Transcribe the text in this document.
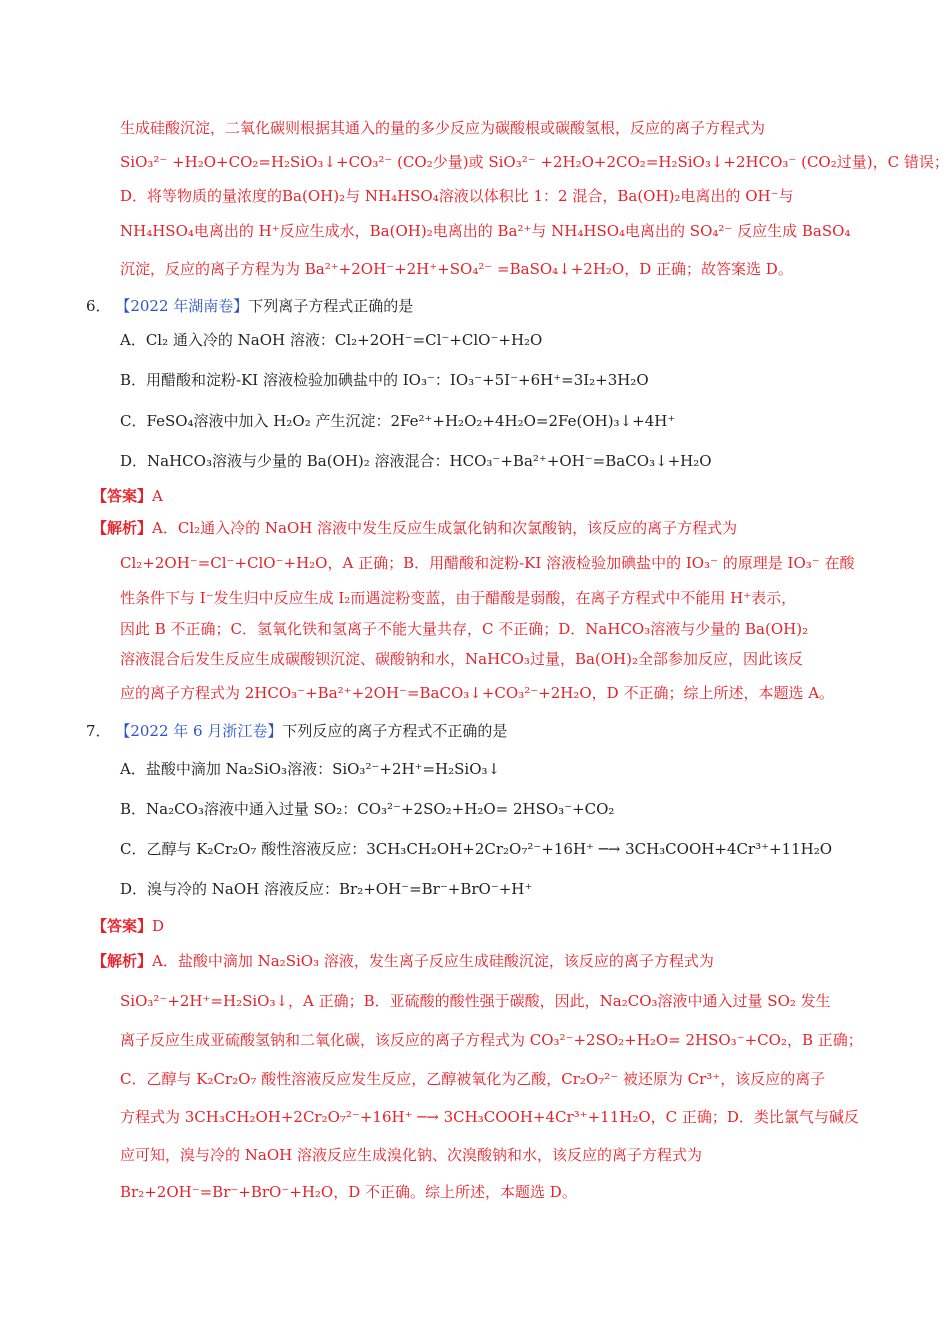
生成硅酸沉淀，二氧化碳则根据其通入的量的多少反应为碳酸根或碳酸氢根，反应的离子方程式为
SiO₃²⁻ +H₂O+CO₂=H₂SiO₃↓+CO₃²⁻ (CO₂少量)或 SiO₃²⁻ +2H₂O+2CO₂=H₂SiO₃↓+2HCO₃⁻ (CO₂过量)，C 错误；
D．将等物质的量浓度的Ba(OH)₂与 NH₄HSO₄溶液以体积比 1：2 混合，Ba(OH)₂电离出的 OH⁻与
NH₄HSO₄电离出的 H⁺反应生成水，Ba(OH)₂电离出的 Ba²⁺与 NH₄HSO₄电离出的 SO₄²⁻ 反应生成 BaSO₄
沉淀，反应的离子方程为为 Ba²⁺+2OH⁻+2H⁺+SO₄²⁻ =BaSO₄↓+2H₂O，D 正确；故答案选 D。
6． 【2022 年湖南卷】下列离子方程式正确的是
A．Cl₂ 通入冷的 NaOH 溶液：Cl₂+2OH⁻=Cl⁻+ClO⁻+H₂O
B．用醋酸和淀粉-KI 溶液检验加碘盐中的 IO₃⁻：IO₃⁻+5I⁻+6H⁺=3I₂+3H₂O
C．FeSO₄溶液中加入 H₂O₂ 产生沉淀：2Fe²⁺+H₂O₂+4H₂O=2Fe(OH)₃↓+4H⁺
D．NaHCO₃溶液与少量的 Ba(OH)₂ 溶液混合：HCO₃⁻+Ba²⁺+OH⁻=BaCO₃↓+H₂O
【答案】A
【解析】A．Cl₂通入冷的 NaOH 溶液中发生反应生成氯化钠和次氯酸钠，该反应的离子方程式为
Cl₂+2OH⁻=Cl⁻+ClO⁻+H₂O，A 正确；B．用醋酸和淀粉-KI 溶液检验加碘盐中的 IO₃⁻ 的原理是 IO₃⁻ 在酸
性条件下与 I⁻发生归中反应生成 I₂而遇淀粉变蓝，由于醋酸是弱酸，在离子方程式中不能用 H⁺表示，
因此 B 不正确；C．氢氧化铁和氢离子不能大量共存，C 不正确；D．NaHCO₃溶液与少量的 Ba(OH)₂
溶液混合后发生反应生成碳酸钡沉淀、碳酸钠和水，NaHCO₃过量，Ba(OH)₂全部参加反应，因此该反
应的离子方程式为 2HCO₃⁻+Ba²⁺+2OH⁻=BaCO₃↓+CO₃²⁻+2H₂O，D 不正确；综上所述，本题选 A。
7． 【2022 年 6 月浙江卷】下列反应的离子方程式不正确的是
A．盐酸中滴加 Na₂SiO₃溶液：SiO₃²⁻+2H⁺=H₂SiO₃↓
B．Na₂CO₃溶液中通入过量 SO₂：CO₃²⁻+2SO₂+H₂O= 2HSO₃⁻+CO₂
C．乙醇与 K₂Cr₂O₇ 酸性溶液反应：3CH₃CH₂OH+2Cr₂O₇²⁻+16H⁺ ─→ 3CH₃COOH+4Cr³⁺+11H₂O
D．溴与冷的 NaOH 溶液反应：Br₂+OH⁻=Br⁻+BrO⁻+H⁺
【答案】D
【解析】A．盐酸中滴加 Na₂SiO₃ 溶液，发生离子反应生成硅酸沉淀，该反应的离子方程式为
SiO₃²⁻+2H⁺=H₂SiO₃↓，A 正确；B．亚硫酸的酸性强于碳酸，因此，Na₂CO₃溶液中通入过量 SO₂ 发生
离子反应生成亚硫酸氢钠和二氧化碳，该反应的离子方程式为 CO₃²⁻+2SO₂+H₂O= 2HSO₃⁻+CO₂，B 正确；
C．乙醇与 K₂Cr₂O₇ 酸性溶液反应发生反应，乙醇被氧化为乙酸，Cr₂O₇²⁻ 被还原为 Cr³⁺，该反应的离子
方程式为 3CH₃CH₂OH+2Cr₂O₇²⁻+16H⁺ ─→ 3CH₃COOH+4Cr³⁺+11H₂O，C 正确；D．类比氯气与碱反
应可知，溴与冷的 NaOH 溶液反应生成溴化钠、次溴酸钠和水，该反应的离子方程式为
Br₂+2OH⁻=Br⁻+BrO⁻+H₂O，D 不正确。综上所述，本题选 D。
